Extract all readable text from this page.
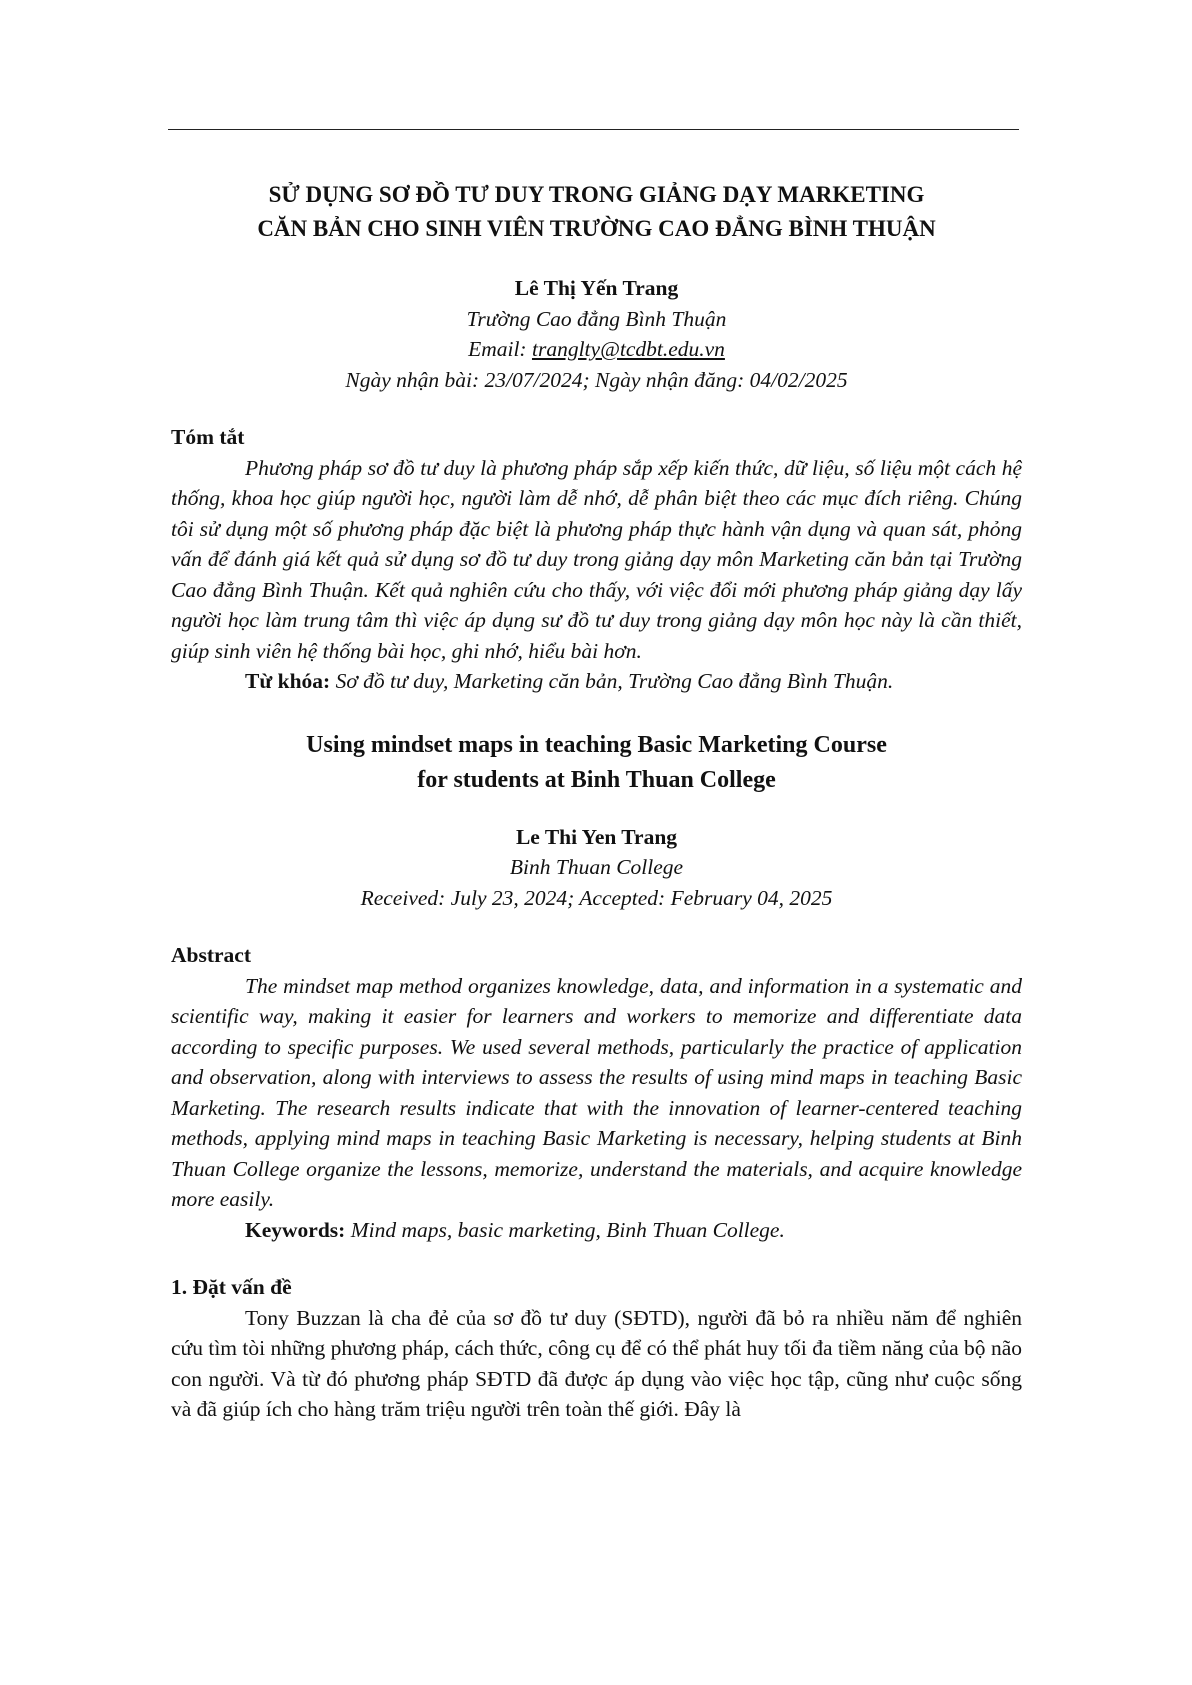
SỬ DỤNG SƠ ĐỒ TƯ DUY TRONG GIẢNG DẠY MARKETING
CĂN BẢN CHO SINH VIÊN TRƯỜNG CAO ĐẲNG BÌNH THUẬN
Lê Thị Yến Trang
Trường Cao đẳng Bình Thuận
Email: tranglty@tcdbt.edu.vn
Ngày nhận bài: 23/07/2024; Ngày nhận đăng: 04/02/2025
Tóm tắt

Phương pháp sơ đồ tư duy là phương pháp sắp xếp kiến thức, dữ liệu, số liệu một cách hệ thống, khoa học giúp người học, người làm dễ nhớ, dễ phân biệt theo các mục đích riêng. Chúng tôi sử dụng một số phương pháp đặc biệt là phương pháp thực hành vận dụng và quan sát, phỏng vấn để đánh giá kết quả sử dụng sơ đồ tư duy trong giảng dạy môn Marketing căn bản tại Trường Cao đẳng Bình Thuận. Kết quả nghiên cứu cho thấy, với việc đổi mới phương pháp giảng dạy lấy người học làm trung tâm thì việc áp dụng sư đồ tư duy trong giảng dạy môn học này là cần thiết, giúp sinh viên hệ thống bài học, ghi nhớ, hiểu bài hơn.

Từ khóa: Sơ đồ tư duy, Marketing căn bản, Trường Cao đẳng Bình Thuận.

Using mindset maps in teaching Basic Marketing Course
for students at Binh Thuan College
Le Thi Yen Trang
Binh Thuan College
Received: July 23, 2024; Accepted: February 04, 2025
Abstract

The mindset map method organizes knowledge, data, and information in a systematic and scientific way, making it easier for learners and workers to memorize and differentiate data according to specific purposes. We used several methods, particularly the practice of application and observation, along with interviews to assess the results of using mind maps in teaching Basic Marketing. The research results indicate that with the innovation of learner-centered teaching methods, applying mind maps in teaching Basic Marketing is necessary, helping students at Binh Thuan College organize the lessons, memorize, understand the materials, and acquire knowledge more easily.

Keywords: Mind maps, basic marketing, Binh Thuan College.

1. Đặt vấn đề

Tony Buzzan là cha đẻ của sơ đồ tư duy (SĐTD), người đã bỏ ra nhiều năm để nghiên cứu tìm tòi những phương pháp, cách thức, công cụ để có thể phát huy tối đa tiềm năng của bộ não con người. Và từ đó phương pháp SĐTD đã được áp dụng vào việc học tập, cũng như cuộc sống và đã giúp ích cho hàng trăm triệu người trên toàn thế giới. Đây là
